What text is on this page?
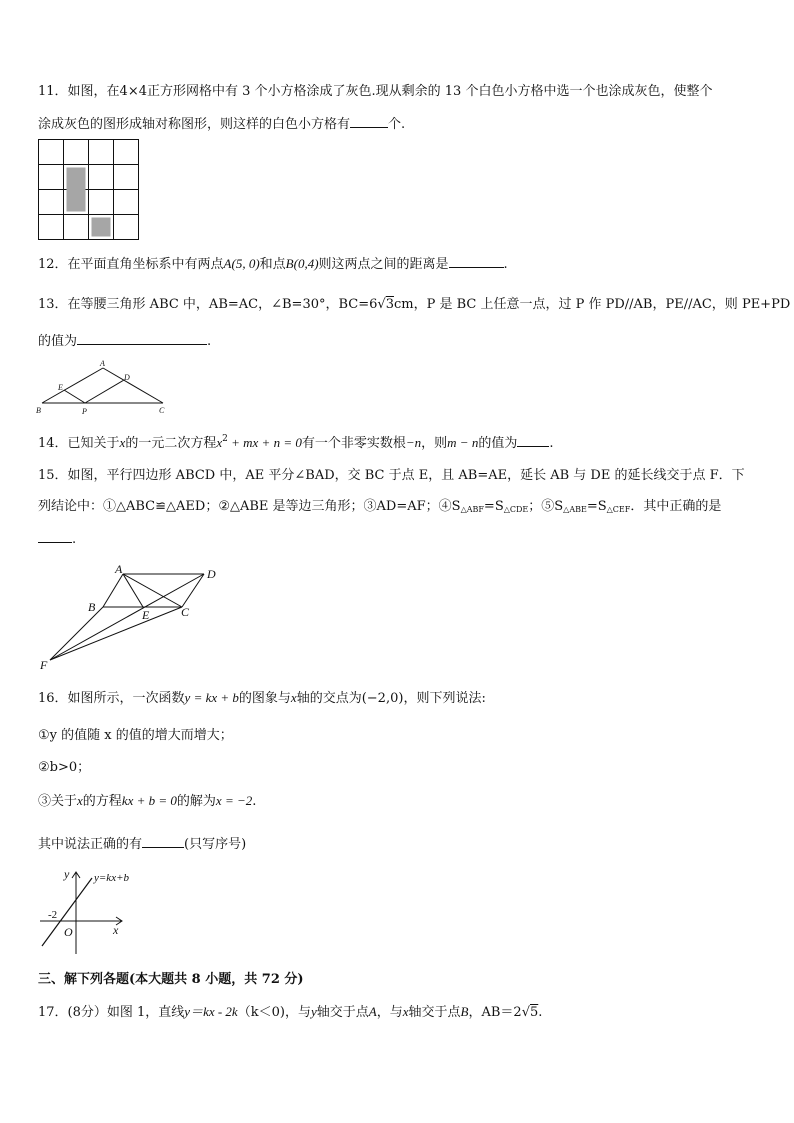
11．如图，在4×4正方形网格中有 3 个小方格涂成了灰色.现从剩余的 13 个白色小方格中选一个也涂成灰色，使整个
涂成灰色的图形成轴对称图形，则这样的白色小方格有	个.
12．在平面直角坐标系中有两点A(5, 0)和点B(0,4)则这两点之间的距离是	.
13．在等腰三角形 ABC 中，AB=AC，∠B=30°，BC=6√3cm，P 是 BC 上任意一点，过 P 作 PD//AB，PE//AC，则 PE+PD
的值为	.
A
B	C
D
E
P
14．已知关于x的一元二次方程$x^2$ + mx + n = 0有一个非零实数根−n，则m − n的值为 .
15．如图，平行四边形 ABCD 中，AE 平分∠BAD，交 BC 于点 E，且 AB=AE，延长 AB 与 DE 的延长线交于点 F．下
列结论中：①△ABC≌△AED；②△ABE 是等边三角形；③AD=AF；$④S_{\triangle ABF}=S_{\triangle CDE}$；$⑤S_{\triangle ABE}=S_{\triangle CEF}$．其中正确的是
.
A
B	C
D
E
F
16．如图所示，一次函数y = kx + b的图象与x轴的交点为(−2,0)，则下列说法:
①y 的值随 x 的值的增大而增大；
②b>0；
③关于x的方程kx + b = 0的解为x = −2.
其中说法正确的有	(只写序号)
y
x
O
-2
y=kx+b
三、解下列各题(本大题共 8 小题，共 72 分)
17．(8分）如图 1，直线y＝kx - 2k（k＜0)，与y轴交于点A，与x轴交于点B，AB＝2√5.
